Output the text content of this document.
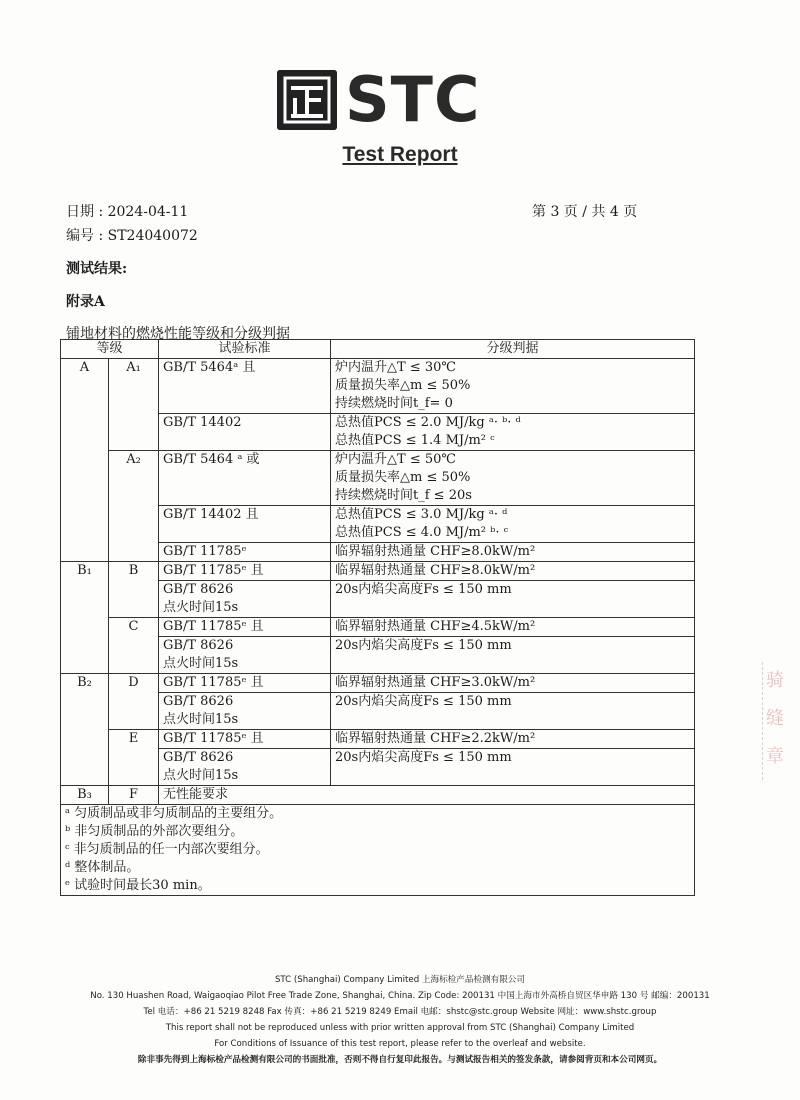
STC
Test Report
日期 : 2024-04-11
编号 : ST24040072
第 3 页 / 共 4 页
测试结果:
附录A
铺地材料的燃烧性能等级和分级判据
等级		试验标准	分级判据
A	A₁	GB/T 5464ᵃ 且	炉内温升△T ≤ 30℃
质量损失率△m ≤ 50%
持续燃烧时间t_f= 0

		GB/T 14402	总热值PCS ≤ 2.0 MJ/kg ᵃ· ᵇ· ᵈ
总热值PCS ≤ 1.4 MJ/m² ᶜ

	A₂	GB/T 5464 ᵃ 或	炉内温升△T ≤ 50℃
质量损失率△m ≤ 50%
持续燃烧时间t_f ≤ 20s

		GB/T 14402 且	总热值PCS ≤ 3.0 MJ/kg ᵃ· ᵈ
总热值PCS ≤ 4.0 MJ/m² ᵇ· ᶜ

		GB/T 11785ᵉ	临界辐射热通量 CHF≥8.0kW/m²

B₁	B	GB/T 11785ᵉ 且	临界辐射热通量 CHF≥8.0kW/m²

		GB/T 8626
点火时间15s	20s内焰尖高度Fs ≤ 150 mm
	C	GB/T 11785ᵉ 且	临界辐射热通量 CHF≥4.5kW/m²

		GB/T 8626
点火时间15s	20s内焰尖高度Fs ≤ 150 mm
B₂	D	GB/T 11785ᵉ 且	临界辐射热通量 CHF≥3.0kW/m²

		GB/T 8626
点火时间15s	20s内焰尖高度Fs ≤ 150 mm
	E	GB/T 11785ᵉ 且	临界辐射热通量 CHF≥2.2kW/m²

		GB/T 8626
点火时间15s	20s内焰尖高度Fs ≤ 150 mm
B₃	F	无性能要求	

ᵃ 匀质制品或非匀质制品的主要组分。
ᵇ 非匀质制品的外部次要组分。
ᶜ 非匀质制品的任一内部次要组分。
ᵈ 整体制品。
ᵉ 试验时间最长30 min。			
骑
缝
章
STC (Shanghai) Company Limited 上海标检产品检测有限公司
No. 130 Huashen Road, Waigaoqiao Pilot Free Trade Zone, Shanghai, China. Zip Code: 200131 中国上海市外高桥自贸区华申路 130 号 邮编：200131
Tel 电话：+86 21 5219 8248 Fax 传真：+86 21 5219 8249 Email 电邮：shstc@stc.group Website 网址：www.shstc.group
This report shall not be reproduced unless with prior written approval from STC (Shanghai) Company Limited
For Conditions of Issuance of this test report, please refer to the overleaf and website.
除非事先得到上海标检产品检测有限公司的书面批准，否则不得自行复印此报告。与测试报告相关的签发条款，请参阅背页和本公司网页。
